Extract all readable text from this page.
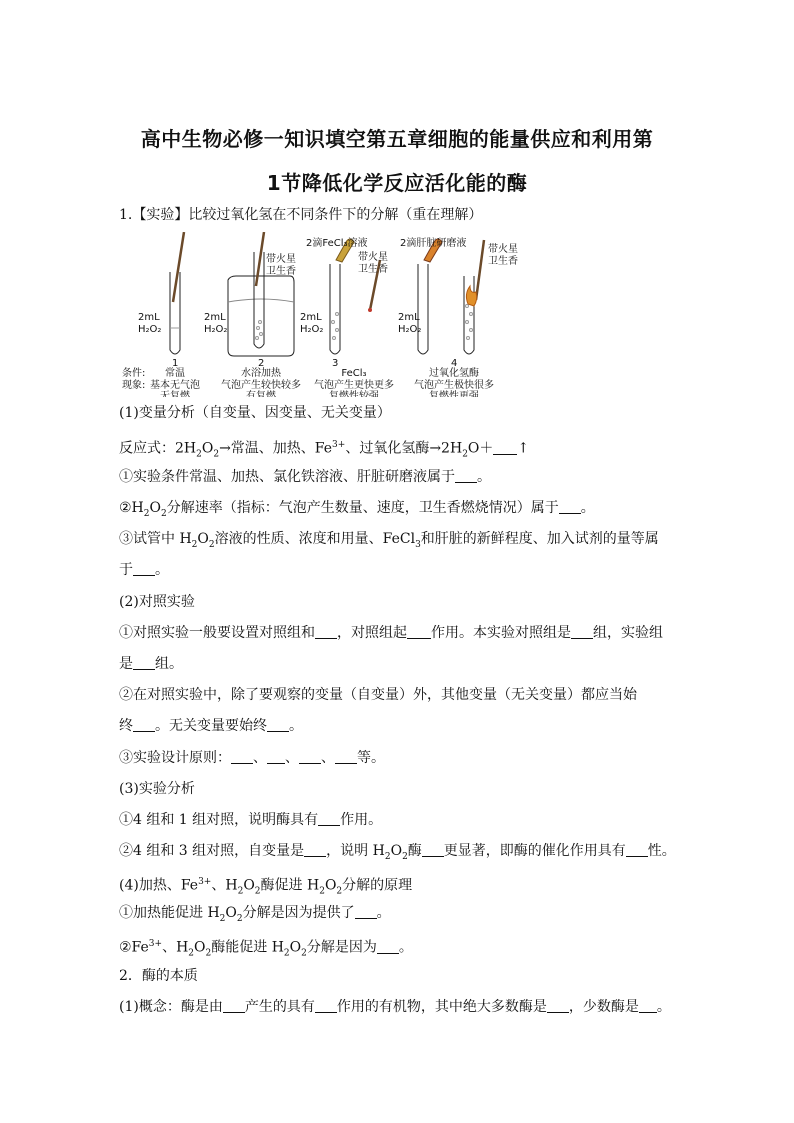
高中生物必修一知识填空第五章细胞的能量供应和利用第
1节降低化学反应活化能的酶
1.【实验】比较过氧化氢在不同条件下的分解（重在理解）
2滴FeCl₃溶液	2滴肝脏研磨液
带火星
卫生香
带火星
卫生香
带火星
卫生香
2mL
H₂O₂
2mL
H₂O₂
2mL
H₂O₂
2mL
H₂O₂
1	2	3	4
条件:
现象:
常温
基本无气泡
无复燃
水浴加热
气泡产生较快较多
有复燃
FeCl₃
气泡产生更快更多
复燃性较强
过氧化氢酶
气泡产生极快很多
复燃性更强
(1)变量分析（自变量、因变量、无关变量）
反应式：$2H_2O_2\to$常温、加热、$Fe^{3+}$、过氧化氢酶$\to 2H_2O+$ ↑
①实验条件常温、加热、氯化铁溶液、肝脏研磨液属于 。
$②H_2O_2$分解速率（指标：气泡产生数量、速度，卫生香燃烧情况）属于 。
③试管中 $H_2O_2$溶液的性质、浓度和用量、FeCl$_3$和肝脏的新鲜程度、加入试剂的量等属
于 。
(2)对照实验
①对照实验一般要设置对照组和 ，对照组起 作用。本实验对照组是 组，实验组
是 组。
②在对照实验中，除了要观察的变量（自变量）外，其他变量（无关变量）都应当始
终 。无关变量要始终 。
③实验设计原则： 、 、 、 等。
(3)实验分析
①4 组和 1 组对照，说明酶具有 作用。
②4 组和 3 组对照，自变量是 ，说明 $H_2O_2$酶 更显著，即酶的催化作用具有 性。
(4)加热、$Fe^{3+}$、$H_2O_2$酶促进 $H_2O_2$分解的原理
①加热能促进 $H_2O_2$分解是因为提供了 。
$②Fe^{3+}$、$H_2O_2$酶能促进 $H_2O_2$分解是因为 。
2．酶的本质
(1)概念：酶是由 产生的具有 作用的有机物，其中绝大多数酶是 ，少数酶是 。
